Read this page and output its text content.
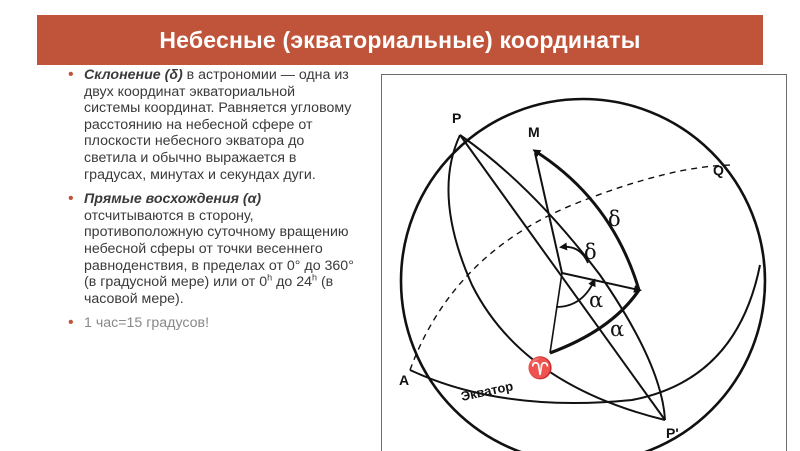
Небесные (экваториальные) координаты
• Склонение (δ) в астрономии — одна из двух координат экваториальной системы координат. Равняется угловому расстоянию на небесной сфере от плоскости небесного экватора до светила и обычно выражается в градусах, минутах и секундах дуги.
• Прямые восхождения (α) отсчитываются в сторону, противоположную суточному вращению небесной сферы от точки весеннего равноденствия, в пределах от 0° до 360° (в градусной мере) или от 0$^h$ до 24$^h$ (в часовой мере).
• 1 час=15 градусов!
P
M
Q
A
P'
Экватор
♈
δ
δ
α
α
